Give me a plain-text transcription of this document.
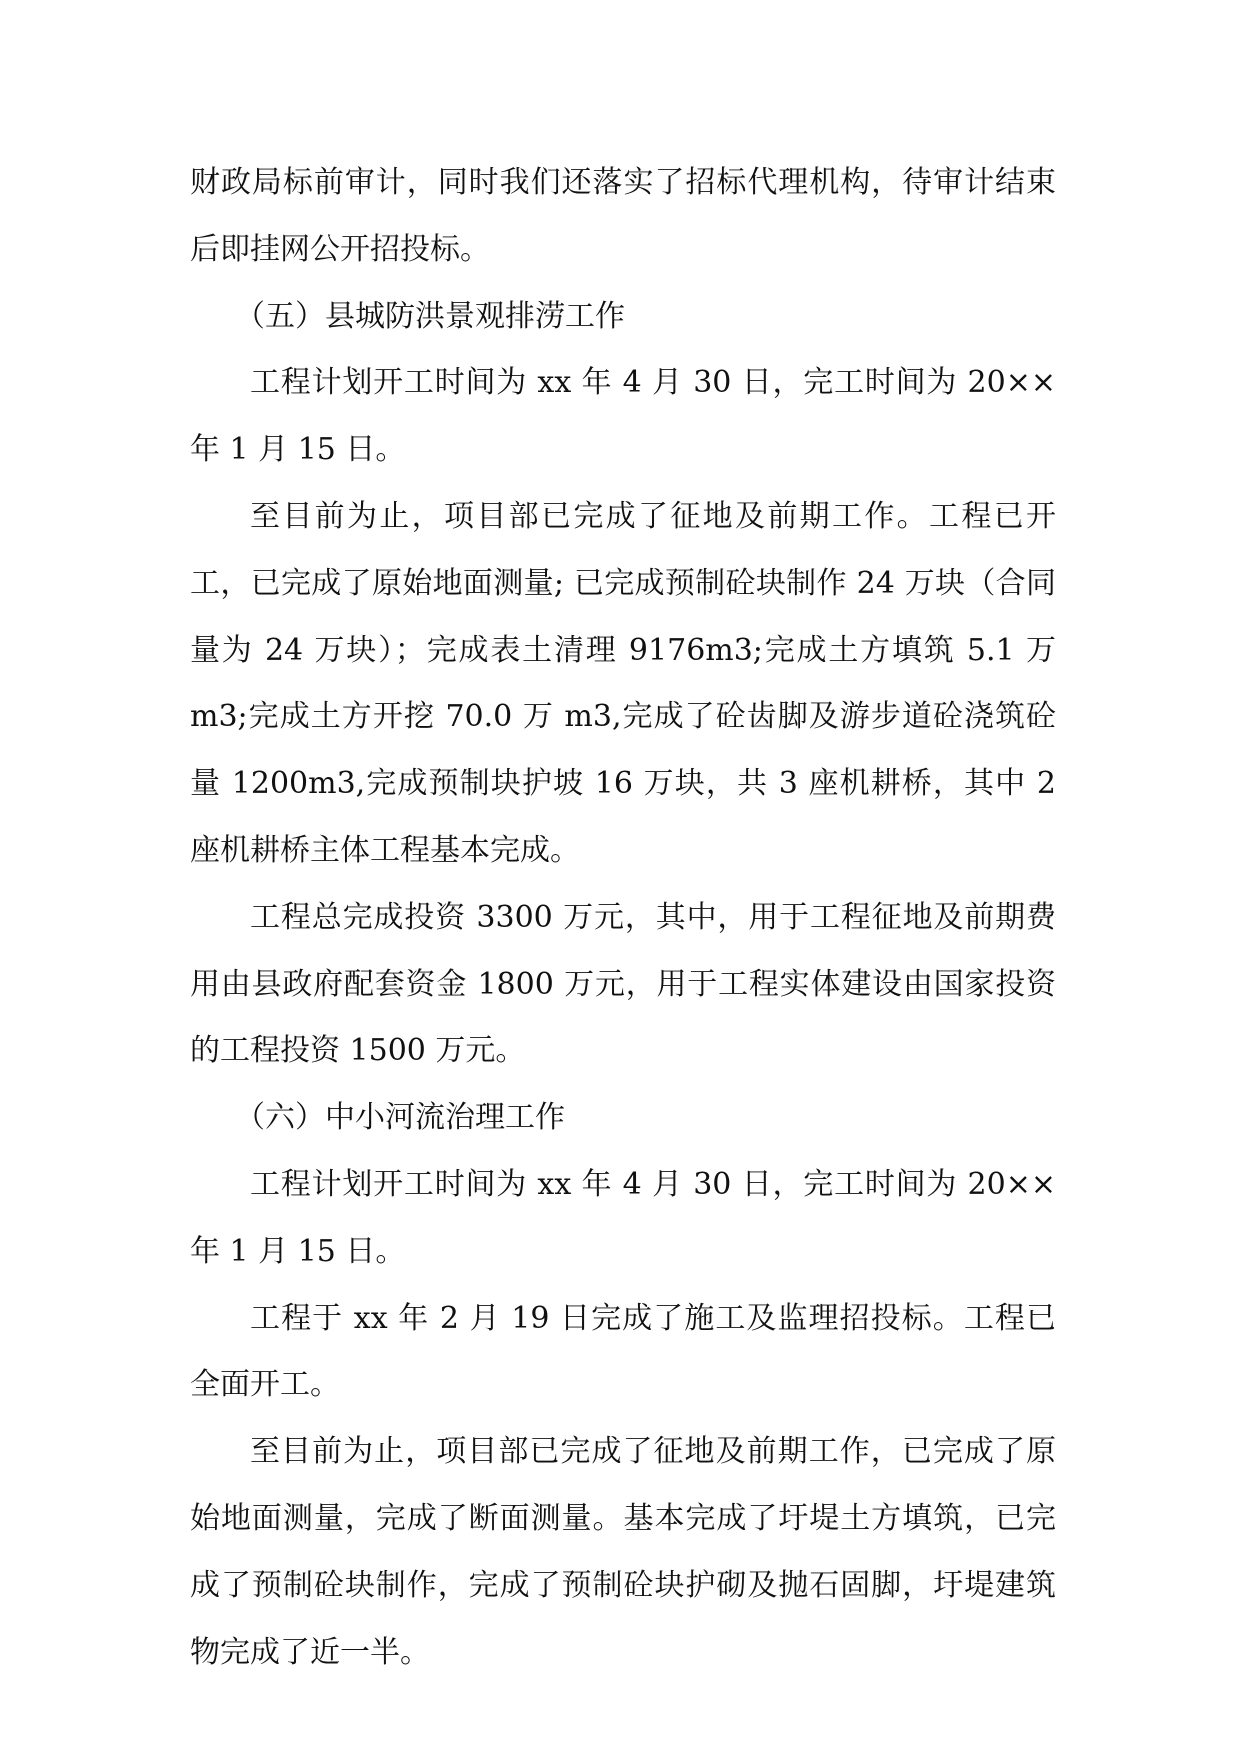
财政局标前审计，同时我们还落实了招标代理机构，待审计结束后即挂网公开招投标。

（五）县城防洪景观排涝工作

工程计划开工时间为 xx 年 4 月 30 日，完工时间为 20××年 1 月 15 日。

至目前为止，项目部已完成了征地及前期工作。工程已开工，已完成了原始地面测量; 已完成预制砼块制作 24 万块（合同量为 24 万块）；完成表土清理 9176m3;完成土方填筑 5.1 万 m3;完成土方开挖 70.0 万 m3,完成了砼齿脚及游步道砼浇筑砼量 1200m3,完成预制块护坡 16 万块，共 3 座机耕桥，其中 2 座机耕桥主体工程基本完成。

工程总完成投资 3300 万元，其中，用于工程征地及前期费用由县政府配套资金 1800 万元，用于工程实体建设由国家投资的工程投资 1500 万元。

（六）中小河流治理工作

工程计划开工时间为 xx 年 4 月 30 日，完工时间为 20××年 1 月 15 日。

工程于 xx 年 2 月 19 日完成了施工及监理招投标。工程已全面开工。

至目前为止，项目部已完成了征地及前期工作，已完成了原始地面测量，完成了断面测量。基本完成了圩堤土方填筑，已完成了预制砼块制作，完成了预制砼块护砌及抛石固脚，圩堤建筑物完成了近一半。
